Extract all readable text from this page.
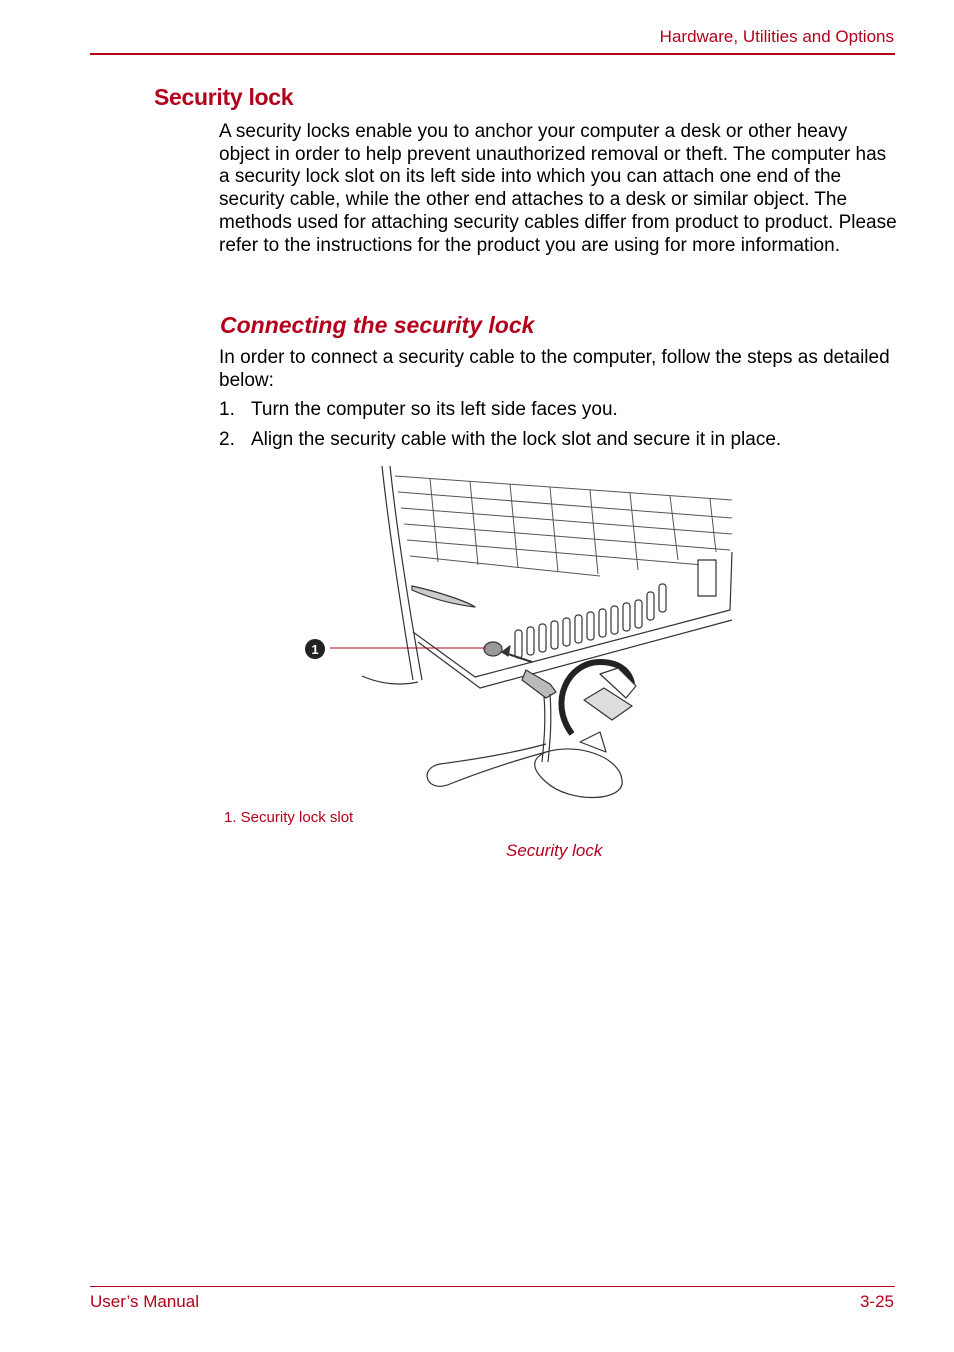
Hardware, Utilities and Options
Security lock

A security locks enable you to anchor your computer a desk or other heavy object in order to help prevent unauthorized removal or theft. The computer has a security lock slot on its left side into which you can attach one end of the security cable, while the other end attaches to a desk or similar object. The methods used for attaching security cables differ from product to product. Please refer to the instructions for the product you are using for more information.

Connecting the security lock

In order to connect a security cable to the computer, follow the steps as detailed below:

1. Turn the computer so its left side faces you.
2. Align the security cable with the lock slot and secure it in place.
1
1. Security lock slot
Security lock
User’s Manual	3-25
